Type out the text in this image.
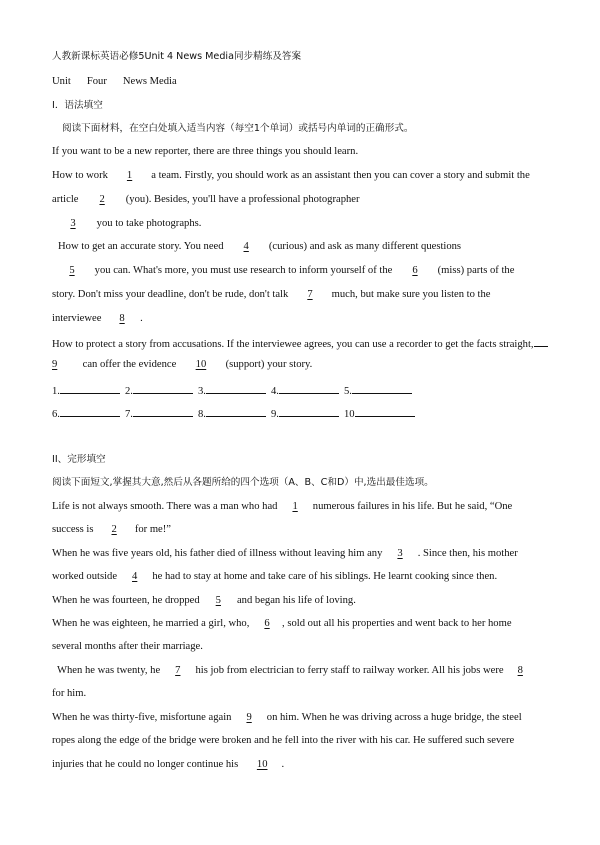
人教新课标英语必修5Unit 4 News Media同步精练及答案
Unit Four News Media
I．语法填空
阅读下面材料，在空白处填入适当内容（每空1个单词）或括号内单词的正确形式。
If you want to be a new reporter, there are three things you should learn.
How to work 1 a team. Firstly, you should work as an assistant then you can cover a story and submit the
article 2 (you). Besides, you'll have a professional photographer
3 you to take photographs.
How to get an accurate story. You need 4 (curious) and ask as many different questions
5 you can. What's more, you must use research to inform yourself of the 6 (miss) parts of the
story. Don't miss your deadline, don't be rude, don't talk 7 much, but make sure you listen to the
interviewee 8 .
How to protect a story from accusations. If the interviewee agrees, you can use a recorder to get the facts straight,
9 can offer the evidence 10 (support) your story.
1.	2.	3.	4.	5.
6.	7.	8.	9.	10
II、完形填空
阅读下面短文,掌握其大意,然后从各题所给的四个选项（A、B、C和D）中,选出最佳选项。
Life is not always smooth. There was a man who had 1 numerous failures in his life. But he said, “One
success is 2 for me!”
When he was five years old, his father died of illness without leaving him any 3 . Since then, his mother
worked outside 4 he had to stay at home and take care of his siblings. He learnt cooking since then.
When he was fourteen, he dropped 5 and began his life of loving.
When he was eighteen, he married a girl, who, 6 , sold out all his properties and went back to her home
several months after their marriage.
When he was twenty, he 7 his job from electrician to ferry staff to railway worker. All his jobs were 8
for him.
When he was thirty-five, misfortune again 9 on him. When he was driving across a huge bridge, the steel
ropes along the edge of the bridge were broken and he fell into the river with his car. He suffered such severe
injuries that he could no longer continue his 10 .
